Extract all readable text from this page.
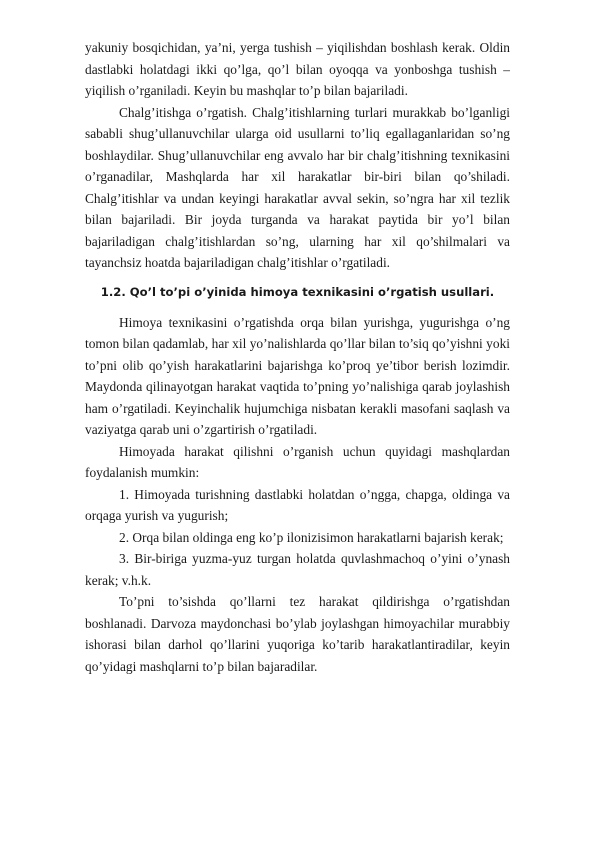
yakuniy bosqichidan, ya’ni, yerga tushish – yiqilishdan boshlash kerak. Oldin dastlabki holatdagi ikki qo’lga, qo’l bilan oyoqqa va yonboshga tushish – yiqilish o’rganiladi. Keyin bu mashqlar to’p bilan bajariladi.

Chalg’itishga o’rgatish. Chalg’itishlarning turlari murakkab bo’lganligi sababli shug’ullanuvchilar ularga oid usullarni to’liq egallaganlaridan so’ng boshlaydilar. Shug’ullanuvchilar eng avvalo har bir chalg’itishning texnikasini o’rganadilar, Mashqlarda har xil harakatlar bir-biri bilan qo’shiladi. Chalg’itishlar va undan keyingi harakatlar avval sekin, so’ngra har xil tezlik bilan bajariladi. Bir joyda turganda va harakat paytida bir yo’l bilan bajariladigan chalg’itishlardan so’ng, ularning har xil qo’shilmalari va tayanchsiz hoatda bajariladigan chalg’itishlar o’rgatiladi.

1.2. Qo’l to’pi o’yinida himoya texnikasini o’rgatish usullari.

Himoya texnikasini o’rgatishda orqa bilan yurishga, yugurishga o’ng tomon bilan qadamlab, har xil yo’nalishlarda qo’llar bilan to’siq qo’yishni yoki to’pni olib qo’yish harakatlarini bajarishga ko’proq ye’tibor berish lozimdir. Maydonda qilinayotgan harakat vaqtida to’pning yo’nalishiga qarab joylashish ham o’rgatiladi. Keyinchalik hujumchiga nisbatan kerakli masofani saqlash va vaziyatga qarab uni o’zgartirish o’rgatiladi.

Himoyada harakat qilishni o’rganish uchun quyidagi mashqlardan foydalanish mumkin:

1. Himoyada turishning dastlabki holatdan o’ngga, chapga, oldinga va orqaga yurish va yugurish;

2. Orqa bilan oldinga eng ko’p ilonizisimon harakatlarni bajarish kerak;

3. Bir-biriga yuzma-yuz turgan holatda quvlashmachoq o’yini o’ynash kerak; v.h.k.

To’pni to’sishda qo’llarni tez harakat qildirishga o’rgatishdan boshlanadi. Darvoza maydonchasi bo’ylab joylashgan himoyachilar murabbiy ishorasi bilan darhol qo’llarini yuqoriga ko’tarib harakatlantiradilar, keyin qo’yidagi mashqlarni to’p bilan bajaradilar.
